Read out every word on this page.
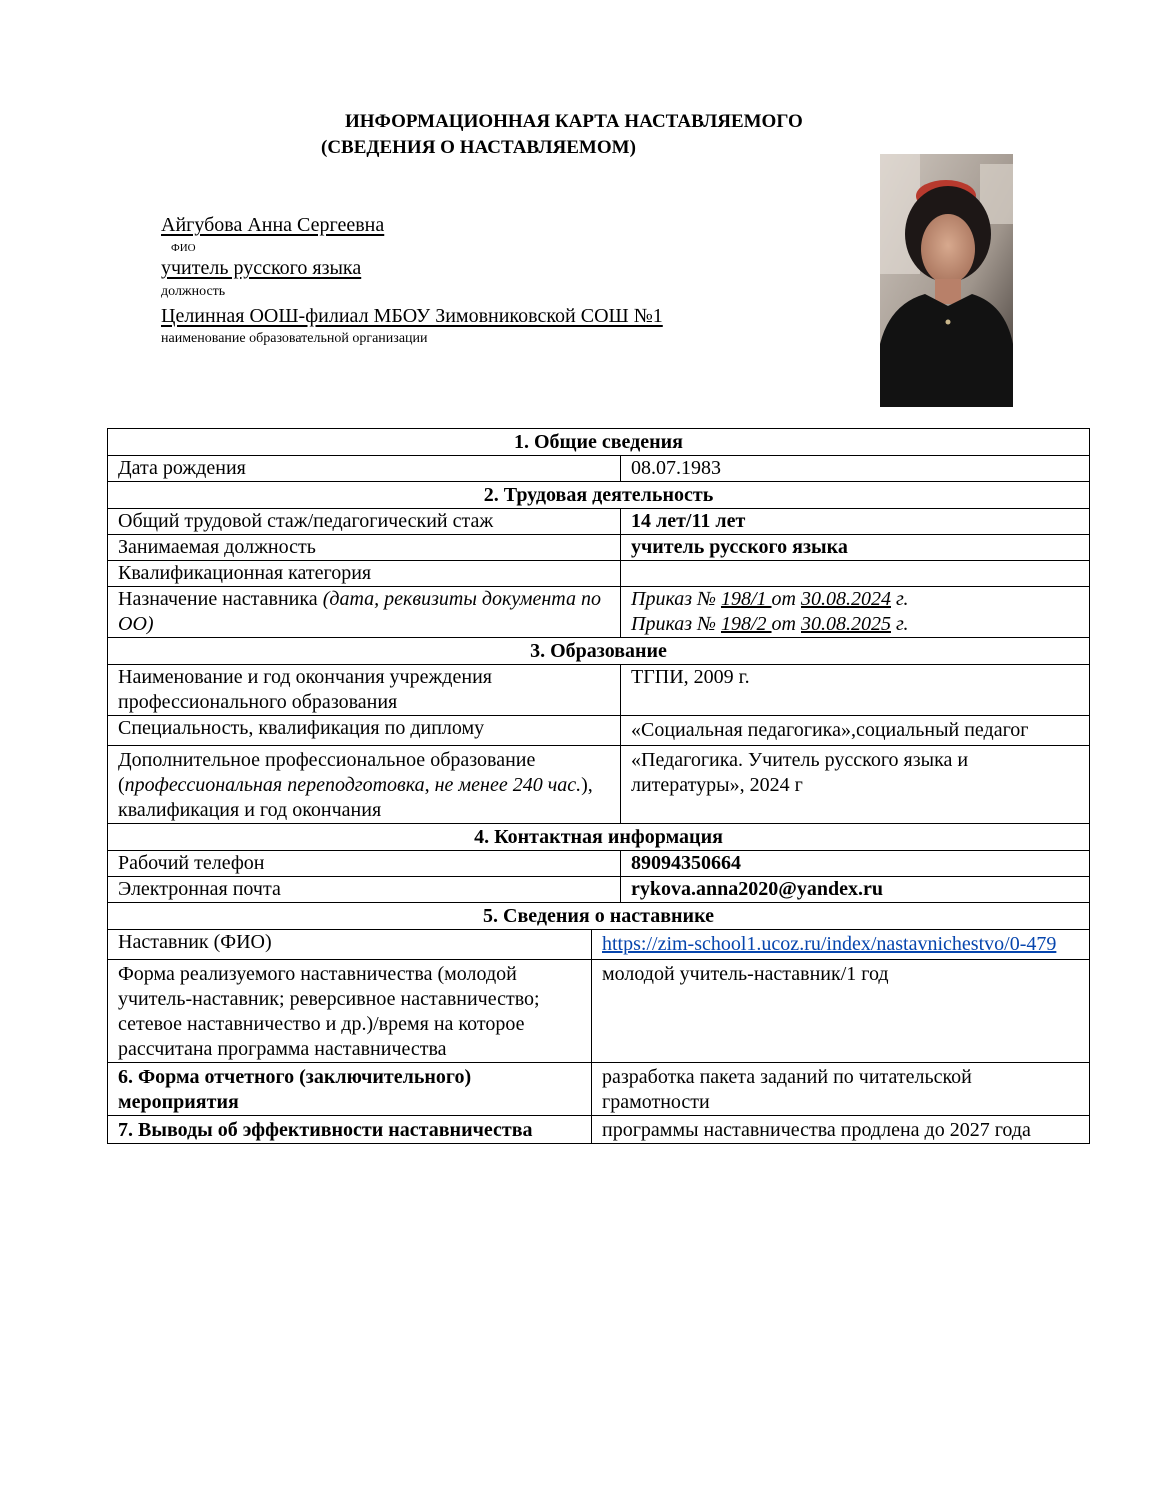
ИНФОРМАЦИОННАЯ КАРТА НАСТАВЛЯЕМОГО
(СВЕДЕНИЯ О НАСТАВЛЯЕМОМ)
Айгубова Анна Сергеевна
ФИО
учитель русского языка
должность
Целинная ООШ-филиал МБОУ Зимовниковской СОШ №1
наименование образовательной организации
1. Общие сведения		
Дата рождения		08.07.1983
2. Трудовая деятельность		
Общий трудовой стаж/педагогический стаж		14 лет/11 лет
Занимаемая должность		учитель русского языка
Квалификационная категория		
Назначение наставника (дата, реквизиты документа по ОО)		Приказ № 198/1 от 30.08.2024 г.
Приказ № 198/2 от 30.08.2025 г.

3. Образование		
Наименование и год окончания учреждения профессионального образования		ТГПИ, 2009 г.
Специальность, квалификация по диплому		«Социальная педагогика»,социальный педагог
Дополнительное профессиональное образование (профессиональная переподготовка, не менее 240 час.), квалификация и год окончания		«Педагогика. Учитель русского языка и литературы», 2024 г
4. Контактная информация		
Рабочий телефон		89094350664
Электронная почта		rykova.anna2020@yandex.ru
5. Сведения о наставнике		
Наставник (ФИО)	https://zim-school1.ucoz.ru/index/nastavnichestvo/0-479	
Форма реализуемого наставничества (молодой учитель-наставник; реверсивное наставничество; сетевое наставничество и др.)/время на которое рассчитана программа наставничества	молодой учитель-наставник/1 год	
6. Форма отчетного (заключительного) мероприятия	разработка пакета заданий по читательской грамотности	
7. Выводы об эффективности наставничества	программы наставничества продлена до 2027 года	
